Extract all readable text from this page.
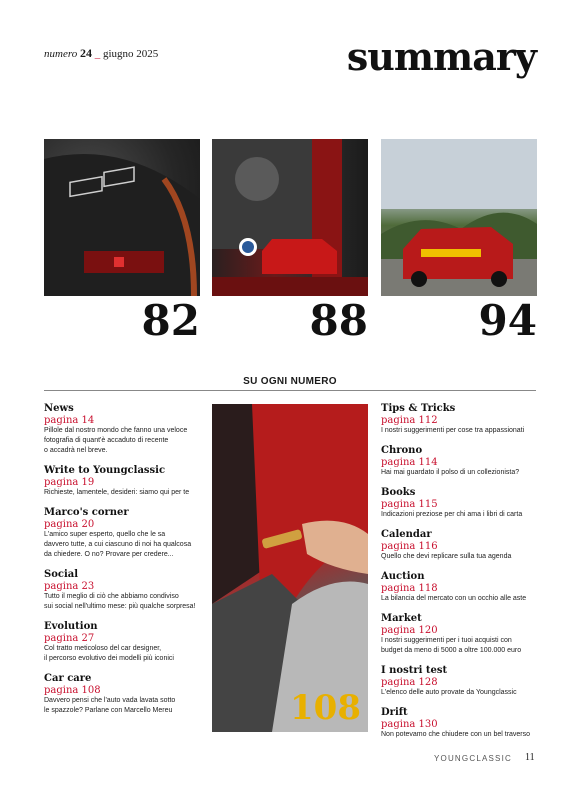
numero 24 _ giugno 2025	summary
82	88	94
SU OGNI NUMERO
News
pagina 14
Pillole dal nostro mondo che fanno una veloce
fotografia di quant'è accaduto di recente
o accadrà nel breve.
Write to Youngclassic
pagina 19
Richieste, lamentele, desideri: siamo qui per te
Marco's corner
pagina 20
L'amico super esperto, quello che le sa
davvero tutte, a cui ciascuno di noi ha qualcosa
da chiedere. O no? Provare per credere...
Social
pagina 23
Tutto il meglio di ciò che abbiamo condiviso
sui social nell'ultimo mese: più qualche sorpresa!
Evolution
pagina 27
Col tratto meticoloso del car designer,
il percorso evolutivo dei modelli più iconici
Car care
pagina 108
Davvero pensi che l'auto vada lavata sotto
le spazzole? Parlane con Marcello Mereu	108
Tips & Tricks
pagina 112
I nostri suggerimenti per cose tra appassionati
Chrono
pagina 114
Hai mai guardato il polso di un collezionista?
Books
pagina 115
Indicazioni preziose per chi ama i libri di carta
Calendar
pagina 116
Quello che devi replicare sulla tua agenda
Auction
pagina 118
La bilancia del mercato con un occhio alle aste
Market
pagina 120
I nostri suggerimenti per i tuoi acquisti con
budget da meno di 5000 a oltre 100.000 euro
I nostri test
pagina 128
L'elenco delle auto provate da Youngclassic
Drift
pagina 130
Non potevamo che chiudere con un bel traverso
YOUNGCLASSIC 11
